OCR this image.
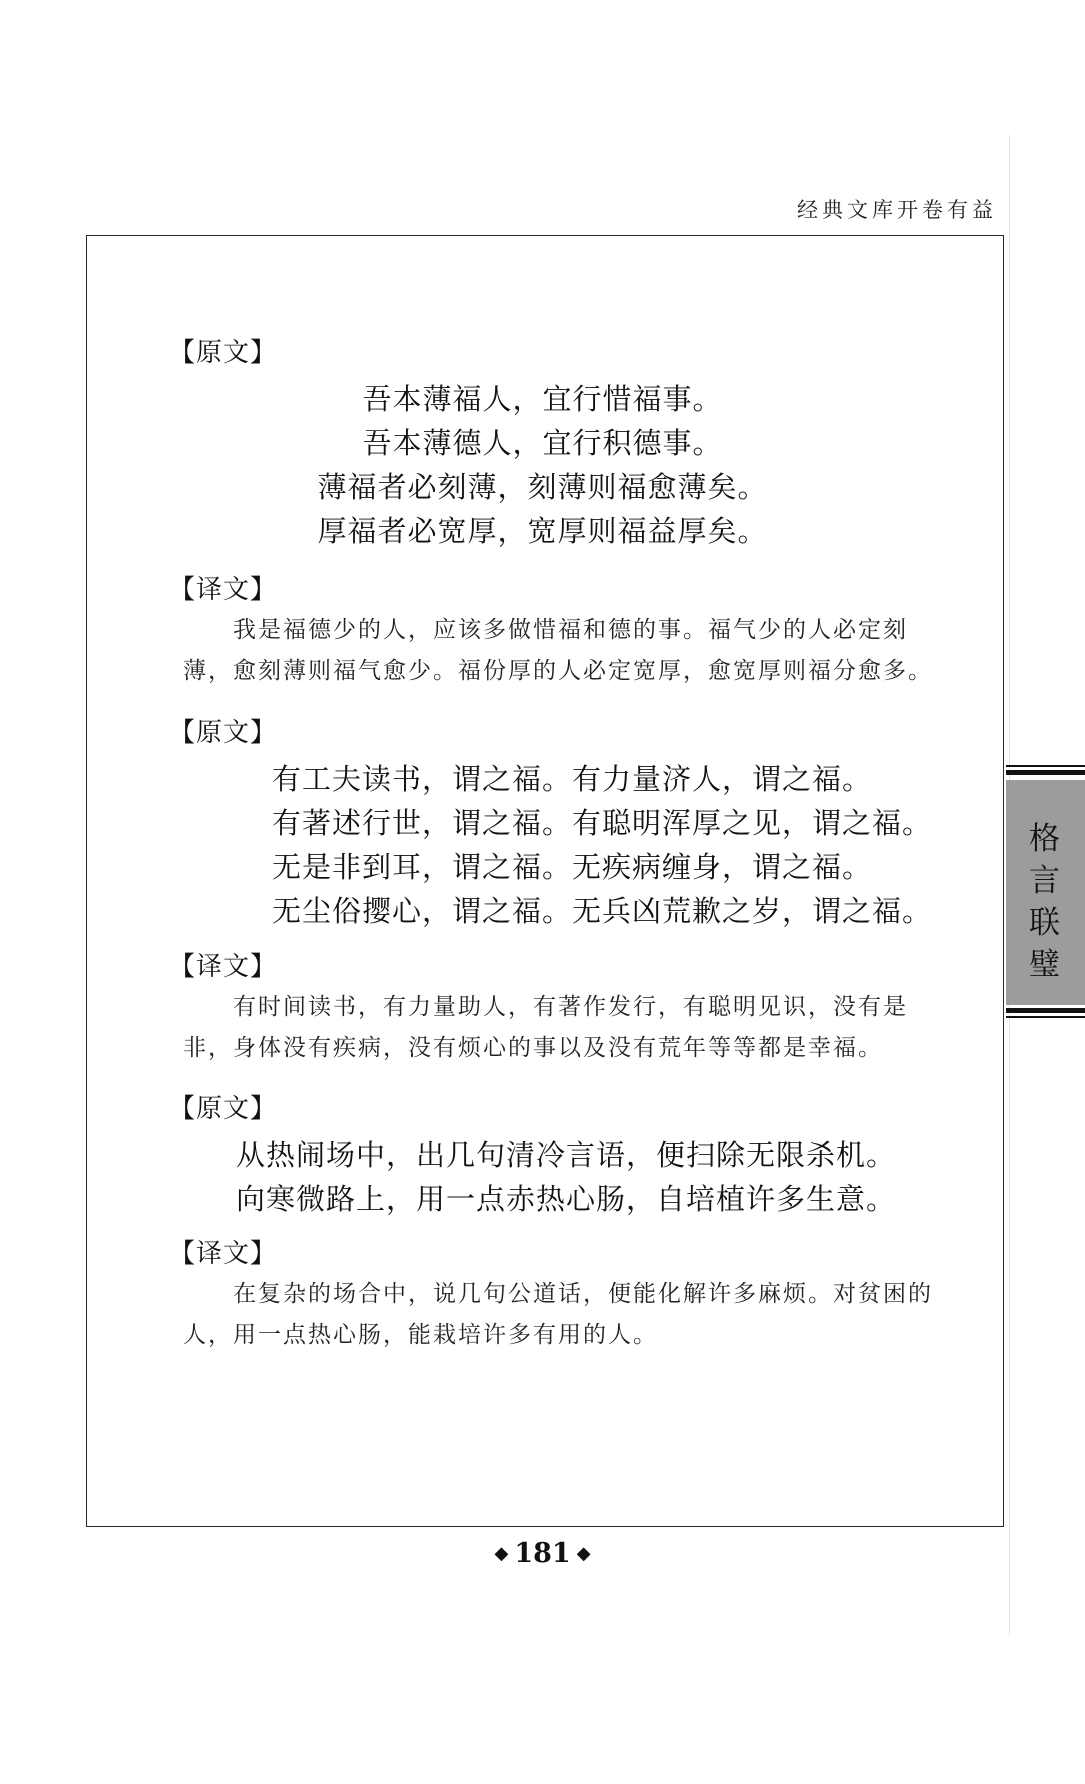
经典文库开卷有益
【原文】
吾本薄福人，宜行惜福事。
吾本薄德人，宜行积德事。
薄福者必刻薄，刻薄则福愈薄矣。
厚福者必宽厚，宽厚则福益厚矣。
【译文】
我是福德少的人，应该多做惜福和德的事。福气少的人必定刻薄，愈刻薄则福气愈少。福份厚的人必定宽厚，愈宽厚则福分愈多。
【原文】
有工夫读书，谓之福。有力量济人，谓之福。
有著述行世，谓之福。有聪明浑厚之见，谓之福。
无是非到耳，谓之福。无疾病缠身，谓之福。
无尘俗撄心，谓之福。无兵凶荒歉之岁，谓之福。
【译文】
有时间读书，有力量助人，有著作发行，有聪明见识，没有是非，身体没有疾病，没有烦心的事以及没有荒年等等都是幸福。
【原文】
从热闹场中，出几句清冷言语，便扫除无限杀机。
向寒微路上，用一点赤热心肠，自培植许多生意。
【译文】
在复杂的场合中，说几句公道话，便能化解许多麻烦。对贫困的人，用一点热心肠，能栽培许多有用的人。
格
言
联
璧
◆ 181 ◆
